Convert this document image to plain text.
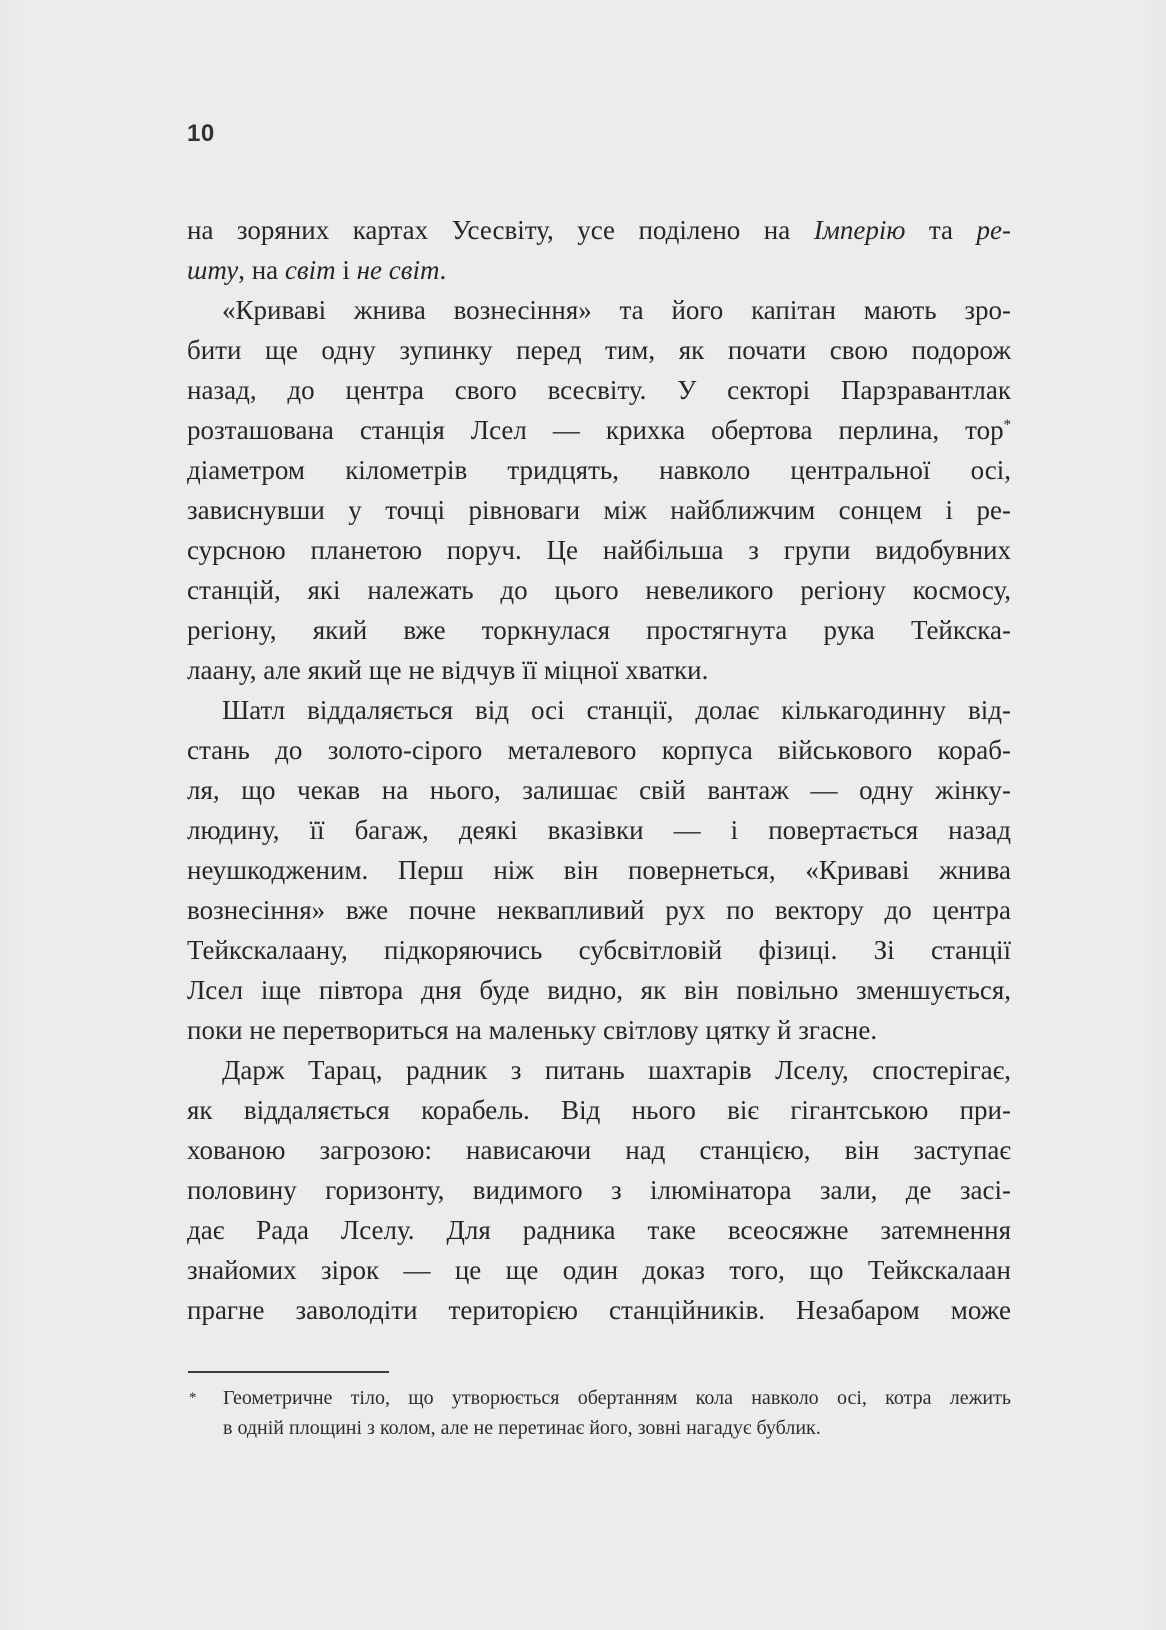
10
на зоряних картах Усесвіту, усе поділено на Імперію та ре-
шту, на світ і не світ.
«Криваві жнива вознесіння» та його капітан мають зро-
бити ще одну зупинку перед тим, як почати свою подорож
назад, до центра свого всесвіту. У секторі Парзравантлак
розташована станція Лсел — крихка обертова перлина, тор*
діаметром кілометрів тридцять, навколо центральної осі,
зависнувши у точці рівноваги між найближчим сонцем і ре-
сурсною планетою поруч. Це найбільша з групи видобувних
станцій, які належать до цього невеликого регіону космосу,
регіону, який вже торкнулася простягнута рука Тейкска-
лаану, але який ще не відчув її міцної хватки.
Шатл віддаляється від осі станції, долає кількагодинну від-
стань до золото-сірого металевого корпуса військового кораб-
ля, що чекав на нього, залишає свій вантаж — одну жінку-
людину, її багаж, деякі вказівки — і повертається назад
неушкодженим. Перш ніж він повернеться, «Криваві жнива
вознесіння» вже почне неквапливий рух по вектору до центра
Тейкскалаану, підкоряючись субсвітловій фізиці. Зі станції
Лсел іще півтора дня буде видно, як він повільно зменшується,
поки не перетвориться на маленьку світлову цятку й згасне.
Дарж Тарац, радник з питань шахтарів Лселу, спостерігає,
як віддаляється корабель. Від нього віє гігантською при-
хованою загрозою: нависаючи над станцією, він заступає
половину горизонту, видимого з ілюмінатора зали, де засі-
дає Рада Лселу. Для радника таке всеосяжне затемнення
знайомих зірок — це ще один доказ того, що Тейкскалаан
прагне заволодіти територією станційників. Незабаром може
* Геометричне тіло, що утворюється обертанням кола навколо осі, котра лежить
в одній площині з колом, але не перетинає його, зовні нагадує бублик.
